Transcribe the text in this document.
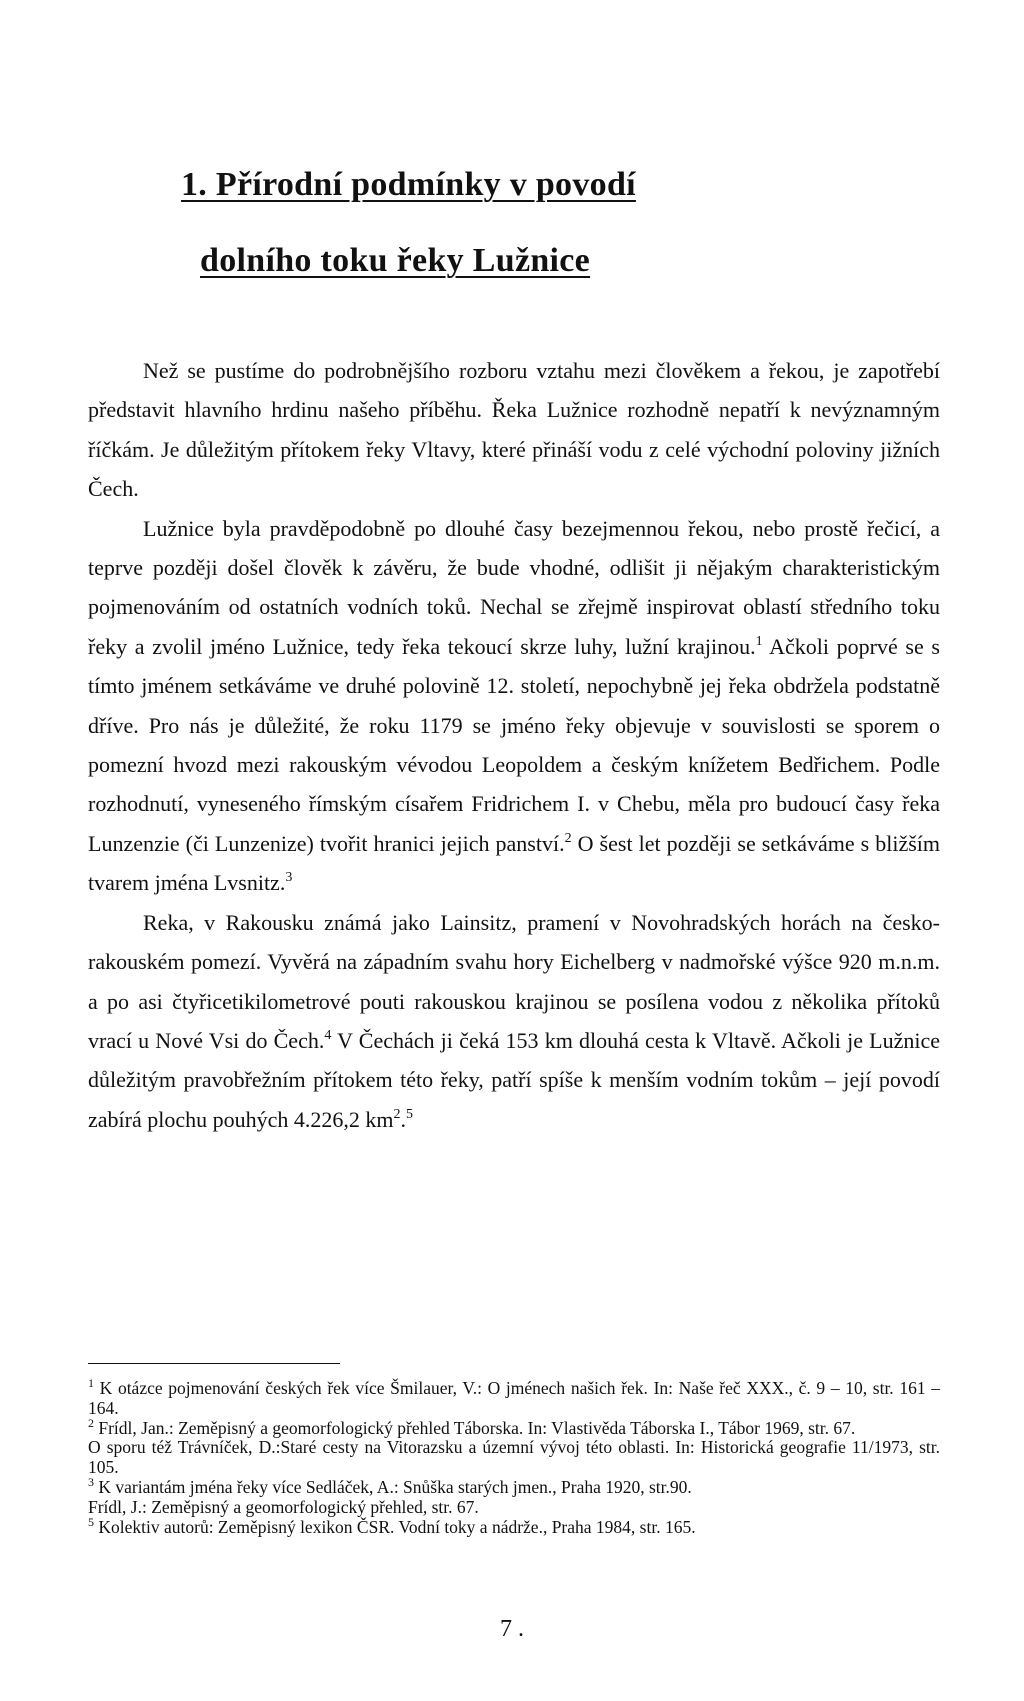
1. Přírodní podmínky v povodí
dolního toku řeky Lužnice

Než se pustíme do podrobnějšího rozboru vztahu mezi člověkem a řekou, je zapotřebí představit hlavního hrdinu našeho příběhu. Řeka Lužnice rozhodně nepatří k nevýznamným říčkám. Je důležitým přítokem řeky Vltavy, které přináší vodu z celé východní poloviny jižních Čech.

Lužnice byla pravděpodobně po dlouhé časy bezejmennou řekou, nebo prostě řečicí, a teprve později došel člověk k závěru, že bude vhodné, odlišit ji nějakým charakteristickým pojmenováním od ostatních vodních toků. Nechal se zřejmě inspirovat oblastí středního toku řeky a zvolil jméno Lužnice, tedy řeka tekoucí skrze luhy, lužní krajinou.$^1$ Ačkoli poprvé se s tímto jménem setkáváme ve druhé polovině 12. století, nepochybně jej řeka obdržela podstatně dříve. Pro nás je důležité, že roku 1179 se jméno řeky objevuje v souvislosti se sporem o pomezní hvozd mezi rakouským vévodou Leopoldem a českým knížetem Bedřichem. Podle rozhodnutí, vyneseného římským císařem Fridrichem I. v Chebu, měla pro budoucí časy řeka Lunzenzie (či Lunzenize) tvořit hranici jejich panství.$^2$ O šest let později se setkáváme s bližším tvarem jména Lvsnitz.$^3$

Reka, v Rakousku známá jako Lainsitz, pramení v Novohradských horách na česko-rakouském pomezí. Vyvěrá na západním svahu hory Eichelberg v nadmořské výšce 920 m.n.m. a po asi čtyřicetikilometrové pouti rakouskou krajinou se posílena vodou z několika přítoků vrací u Nové Vsi do Čech.$^4$ V Čechách ji čeká 153 km dlouhá cesta k Vltavě. Ačkoli je Lužnice důležitým pravobřežním přítokem této řeky, patří spíše k menším vodním tokům – její povodí zabírá plochu pouhých 4.226,2 $km^2.^5$

$^1$ K otázce pojmenování českých řek více Šmilauer, V.: O jménech našich řek. In: Naše řeč XXX., č. 9 – 10, str. 161 – 164.

$^2$ Frídl, Jan.: Zeměpisný a geomorfologický přehled Táborska. In: Vlastivěda Táborska I., Tábor 1969, str. 67.

O sporu též Trávníček, D.:Staré cesty na Vitorazsku a územní vývoj této oblasti. In: Historická geografie 11/1973, str. 105.

$^3$ K variantám jména řeky více Sedláček, A.: Snůška starých jmen., Praha 1920, str.90.

Frídl, J.: Zeměpisný a geomorfologický přehled, str. 67.

$^5$ Kolektiv autorů: Zeměpisný lexikon ČSR. Vodní toky a nádrže., Praha 1984, str. 165.

7 .
